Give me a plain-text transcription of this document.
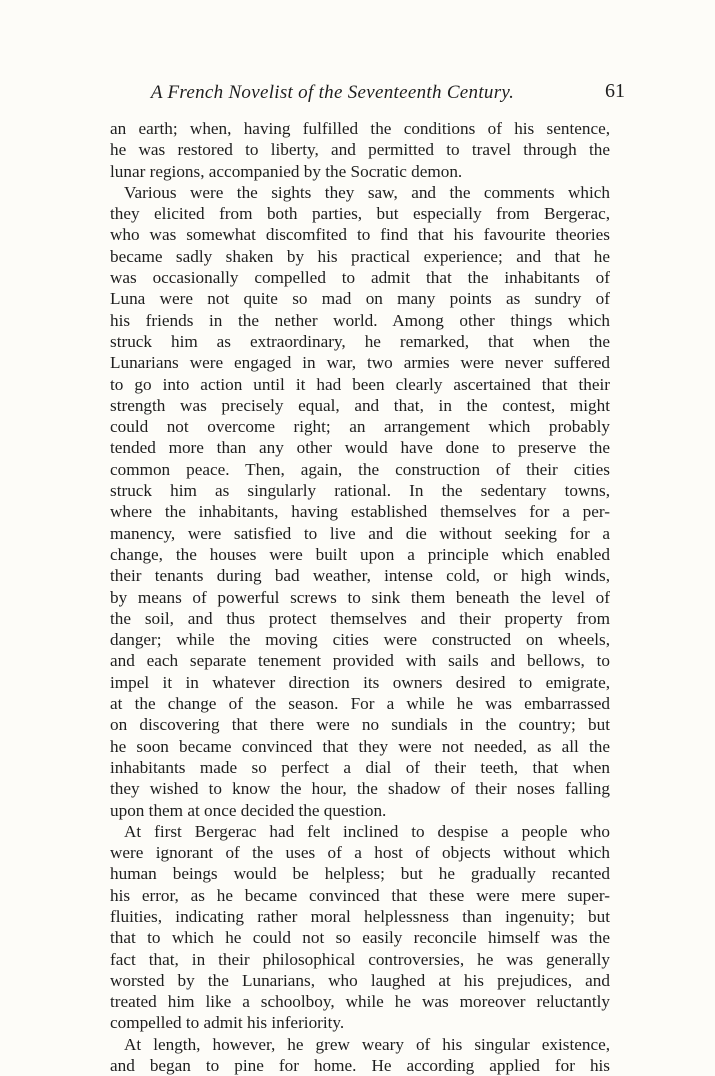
A French Novelist of the Seventeenth Century.	61
an earth; when, having fulfilled the conditions of his sentence,
he was restored to liberty, and permitted to travel through the
lunar regions, accompanied by the Socratic demon.
Various were the sights they saw, and the comments which
they elicited from both parties, but especially from Bergerac,
who was somewhat discomfited to find that his favourite theories
became sadly shaken by his practical experience; and that he
was occasionally compelled to admit that the inhabitants of
Luna were not quite so mad on many points as sundry of
his friends in the nether world. Among other things which
struck him as extraordinary, he remarked, that when the
Lunarians were engaged in war, two armies were never suffered
to go into action until it had been clearly ascertained that their
strength was precisely equal, and that, in the contest, might
could not overcome right; an arrangement which probably
tended more than any other would have done to preserve the
common peace. Then, again, the construction of their cities
struck him as singularly rational. In the sedentary towns,
where the inhabitants, having established themselves for a per-
manency, were satisfied to live and die without seeking for a
change, the houses were built upon a principle which enabled
their tenants during bad weather, intense cold, or high winds,
by means of powerful screws to sink them beneath the level of
the soil, and thus protect themselves and their property from
danger; while the moving cities were constructed on wheels,
and each separate tenement provided with sails and bellows, to
impel it in whatever direction its owners desired to emigrate,
at the change of the season. For a while he was embarrassed
on discovering that there were no sundials in the country; but
he soon became convinced that they were not needed, as all the
inhabitants made so perfect a dial of their teeth, that when
they wished to know the hour, the shadow of their noses falling
upon them at once decided the question.
At first Bergerac had felt inclined to despise a people who
were ignorant of the uses of a host of objects without which
human beings would be helpless; but he gradually recanted
his error, as he became convinced that these were mere super-
fluities, indicating rather moral helplessness than ingenuity; but
that to which he could not so easily reconcile himself was the
fact that, in their philosophical controversies, he was generally
worsted by the Lunarians, who laughed at his prejudices, and
treated him like a schoolboy, while he was moreover reluctantly
compelled to admit his inferiority.
At length, however, he grew weary of his singular existence,
and began to pine for home. He according applied for his
